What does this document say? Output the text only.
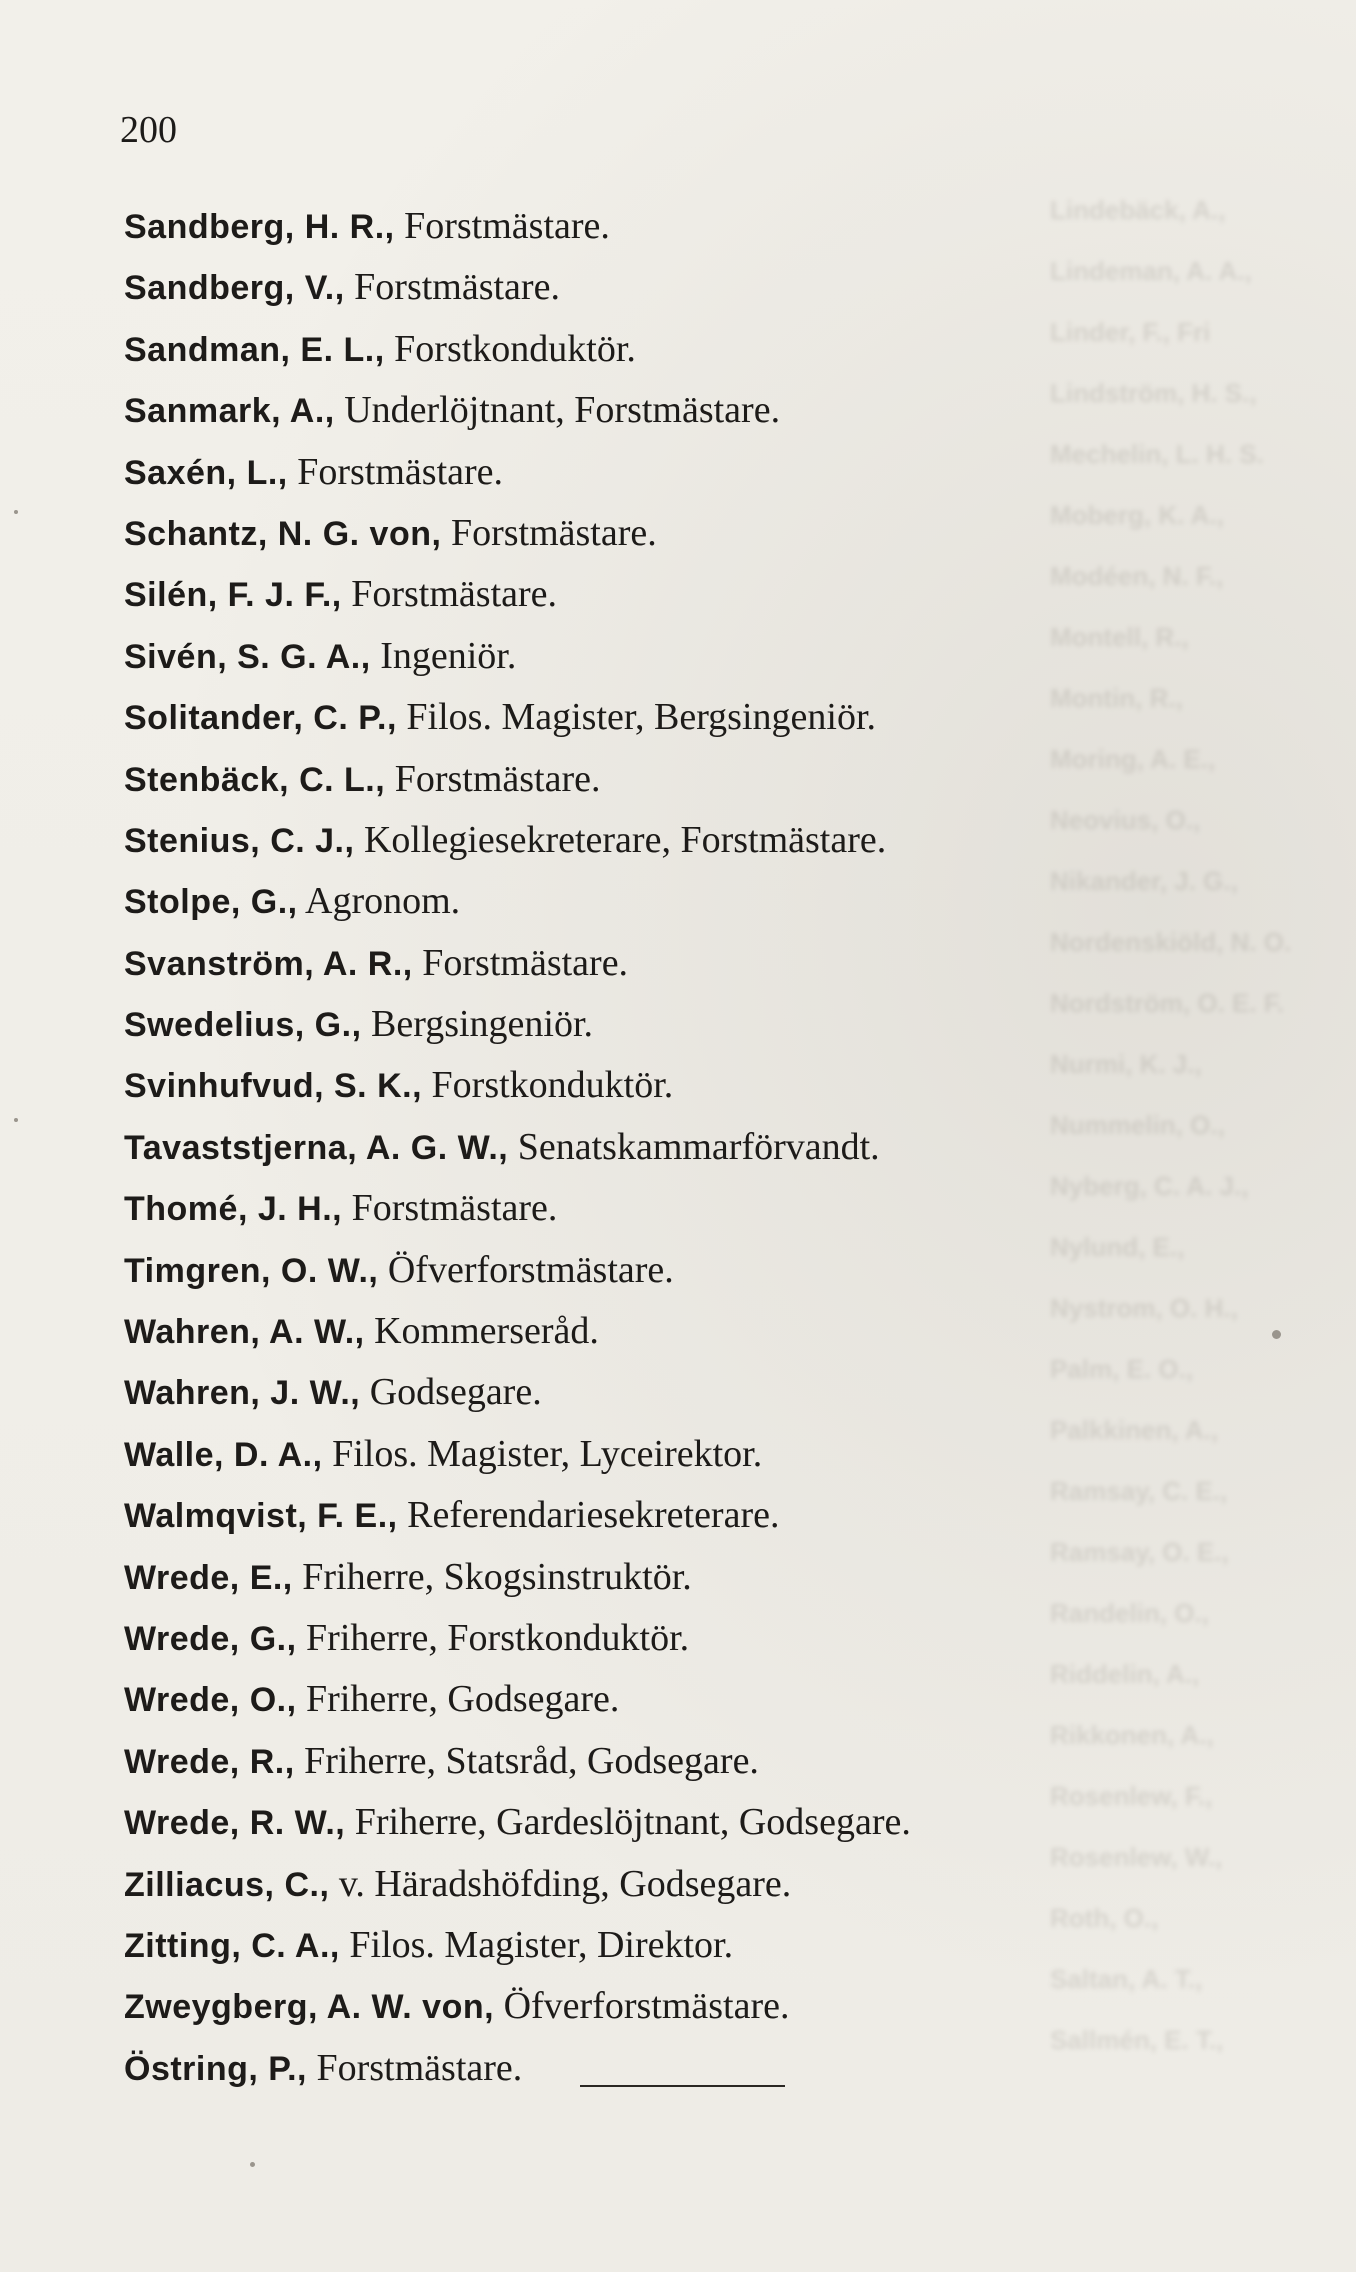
Lindebäck, A.,
Lindeman, A. A.,
Linder, F., Fri
Lindström, H. S.,
Mechelin, L. H. S.
Moberg, K. A.,
Modéen, N. F.,
Montell, R.,
Montin, R.,
Moring, A. E.,
Neovius, O.,
Nikander, J. G.,
Nordenskiöld, N. O.
Nordström, O. E. F.
Nurmi, K. J.,
Nummelin, O.,
Nyberg, C. A. J.,
Nylund, E.,
Nystrom, O. H.,
Palm, E. O.,
Palkkinen, A.,
Ramsay, C. E.,
Ramsay, O. E.,
Randelin, O.,
Riddelin, A.,
Rikkonen, A.,
Rosenlew, F.,
Rosenlew, W.,
Roth, O.,
Saltan, A. T.,
Sallmén, E. T.,
200
Sandberg, H. R., Forstmästare.
Sandberg, V., Forstmästare.
Sandman, E. L., Forstkonduktör.
Sanmark, A., Underlöjtnant, Forstmästare.
Saxén, L., Forstmästare.
Schantz, N. G. von, Forstmästare.
Silén, F. J. F., Forstmästare.
Sivén, S. G. A., Ingeniör.
Solitander, C. P., Filos. Magister, Bergsingeniör.
Stenbäck, C. L., Forstmästare.
Stenius, C. J., Kollegiesekreterare, Forstmästare.
Stolpe, G., Agronom.
Svanström, A. R., Forstmästare.
Swedelius, G., Bergsingeniör.
Svinhufvud, S. K., Forstkonduktör.
Tavaststjerna, A. G. W., Senatskammarförvandt.
Thomé, J. H., Forstmästare.
Timgren, O. W., Öfverforstmästare.
Wahren, A. W., Kommerseråd.
Wahren, J. W., Godsegare.
Walle, D. A., Filos. Magister, Lyceirektor.
Walmqvist, F. E., Referendariesekreterare.
Wrede, E., Friherre, Skogsinstruktör.
Wrede, G., Friherre, Forstkonduktör.
Wrede, O., Friherre, Godsegare.
Wrede, R., Friherre, Statsråd, Godsegare.
Wrede, R. W., Friherre, Gardeslöjtnant, Godsegare.
Zilliacus, C., v. Häradshöfding, Godsegare.
Zitting, C. A., Filos. Magister, Direktor.
Zweygberg, A. W. von, Öfverforstmästare.
Östring, P., Forstmästare.
